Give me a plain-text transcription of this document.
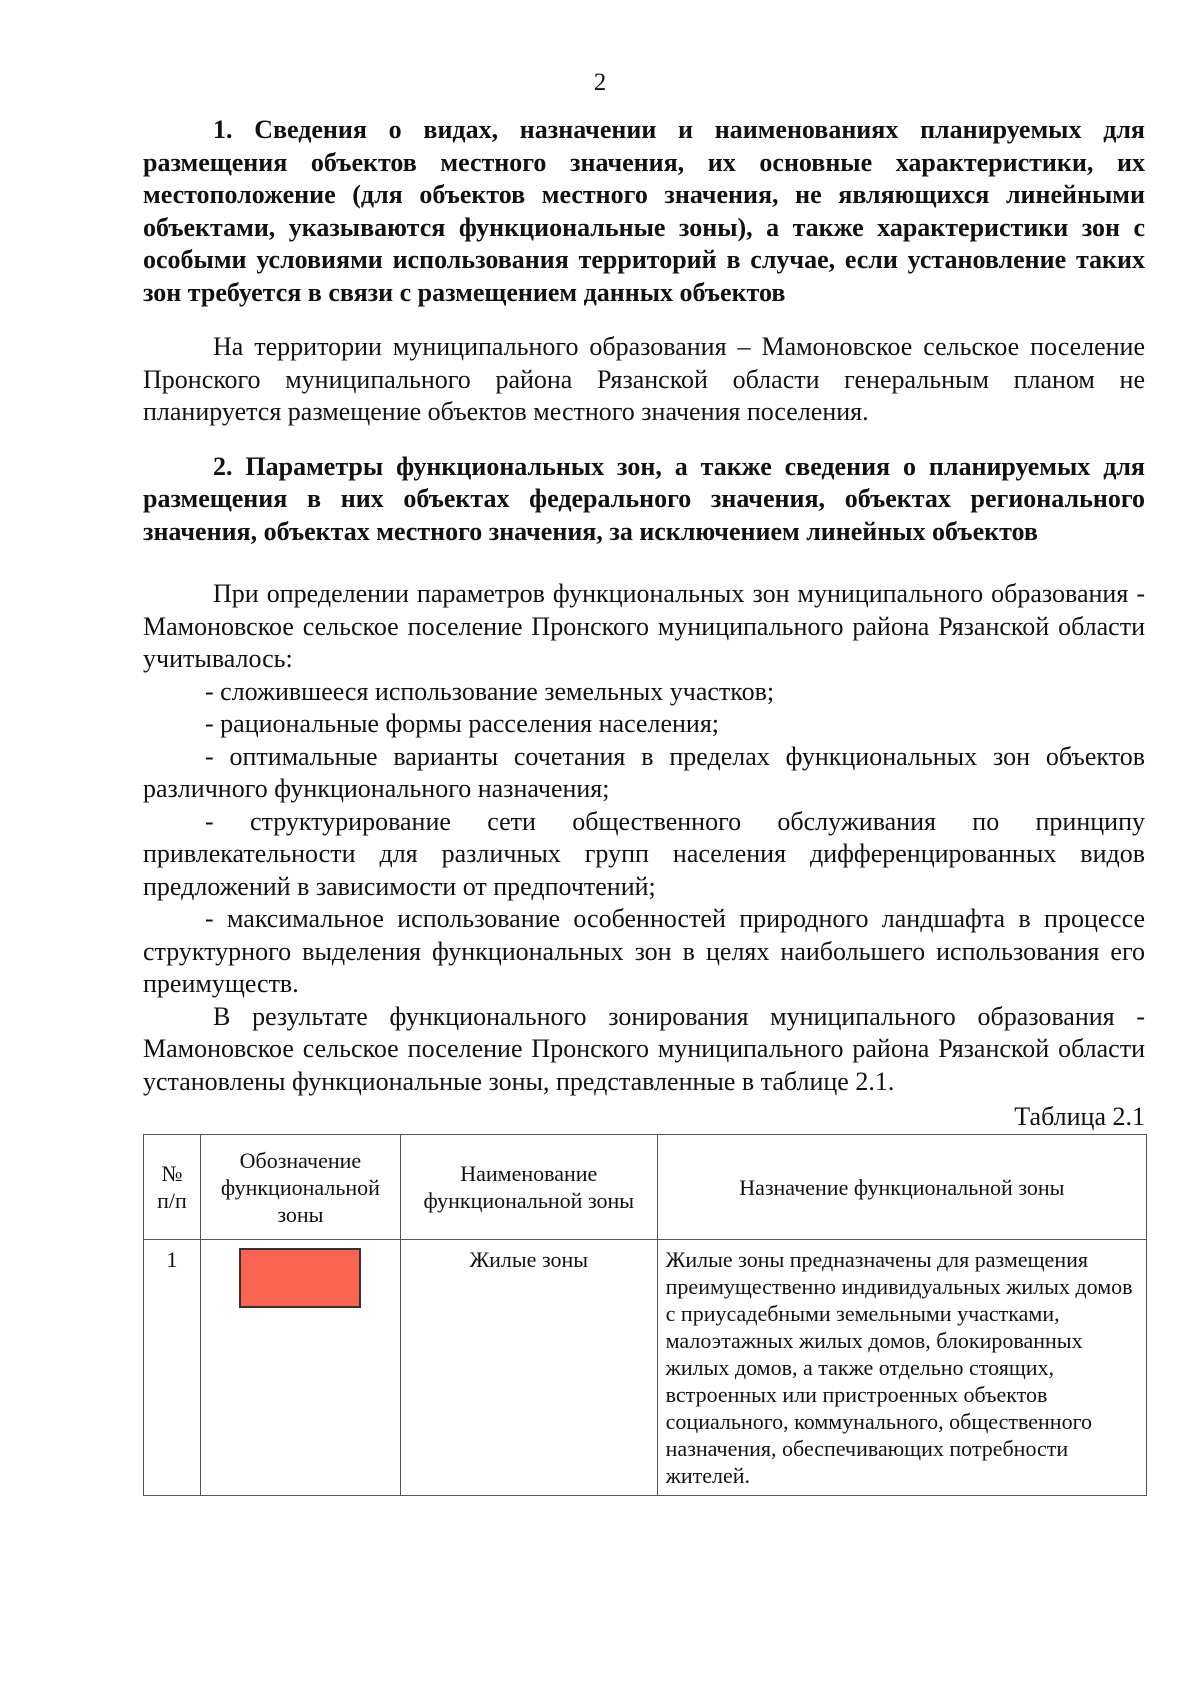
2

1. Сведения о видах, назначении и наименованиях планируемых для размещения объектов местного значения, их основные характеристики, их местоположение (для объектов местного значения, не являющихся линейными объектами, указываются функциональные зоны), а также характеристики зон с особыми условиями использования территорий в случае, если установление таких зон требуется в связи с размещением данных объектов

На территории муниципального образования – Мамоновское сельское поселение Пронского муниципального района Рязанской области генеральным планом не планируется размещение объектов местного значения поселения.

2. Параметры функциональных зон, а также сведения о планируемых для размещения в них объектах федерального значения, объектах регионального значения, объектах местного значения, за исключением линейных объектов

При определении параметров функциональных зон муниципального образования - Мамоновское сельское поселение Пронского муниципального района Рязанской области учитывалось:

- сложившееся использование земельных участков;

- рациональные формы расселения населения;

- оптимальные варианты сочетания в пределах функциональных зон объектов различного функционального назначения;

- структурирование сети общественного обслуживания по принципу привлекательности для различных групп населения дифференцированных видов предложений в зависимости от предпочтений;

- максимальное использование особенностей природного ландшафта в процессе структурного выделения функциональных зон в целях наибольшего использования его преимуществ.

В результате функционального зонирования муниципального образования - Мамоновское сельское поселение Пронского муниципального района Рязанской области установлены функциональные зоны, представленные в таблице 2.1.

Таблица 2.1
№ п/п	Обозначение функциональной зоны	Наименование функциональной зоны	Назначение функциональной зоны
1		Жилые зоны	Жилые зоны предназначены для размещения преимущественно индивидуальных жилых домов с приусадебными земельными участками, малоэтажных жилых домов, блокированных жилых домов, а также отдельно стоящих, встроенных или пристроенных объектов социального, коммунального, общественного назначения, обеспечивающих потребности жителей.
